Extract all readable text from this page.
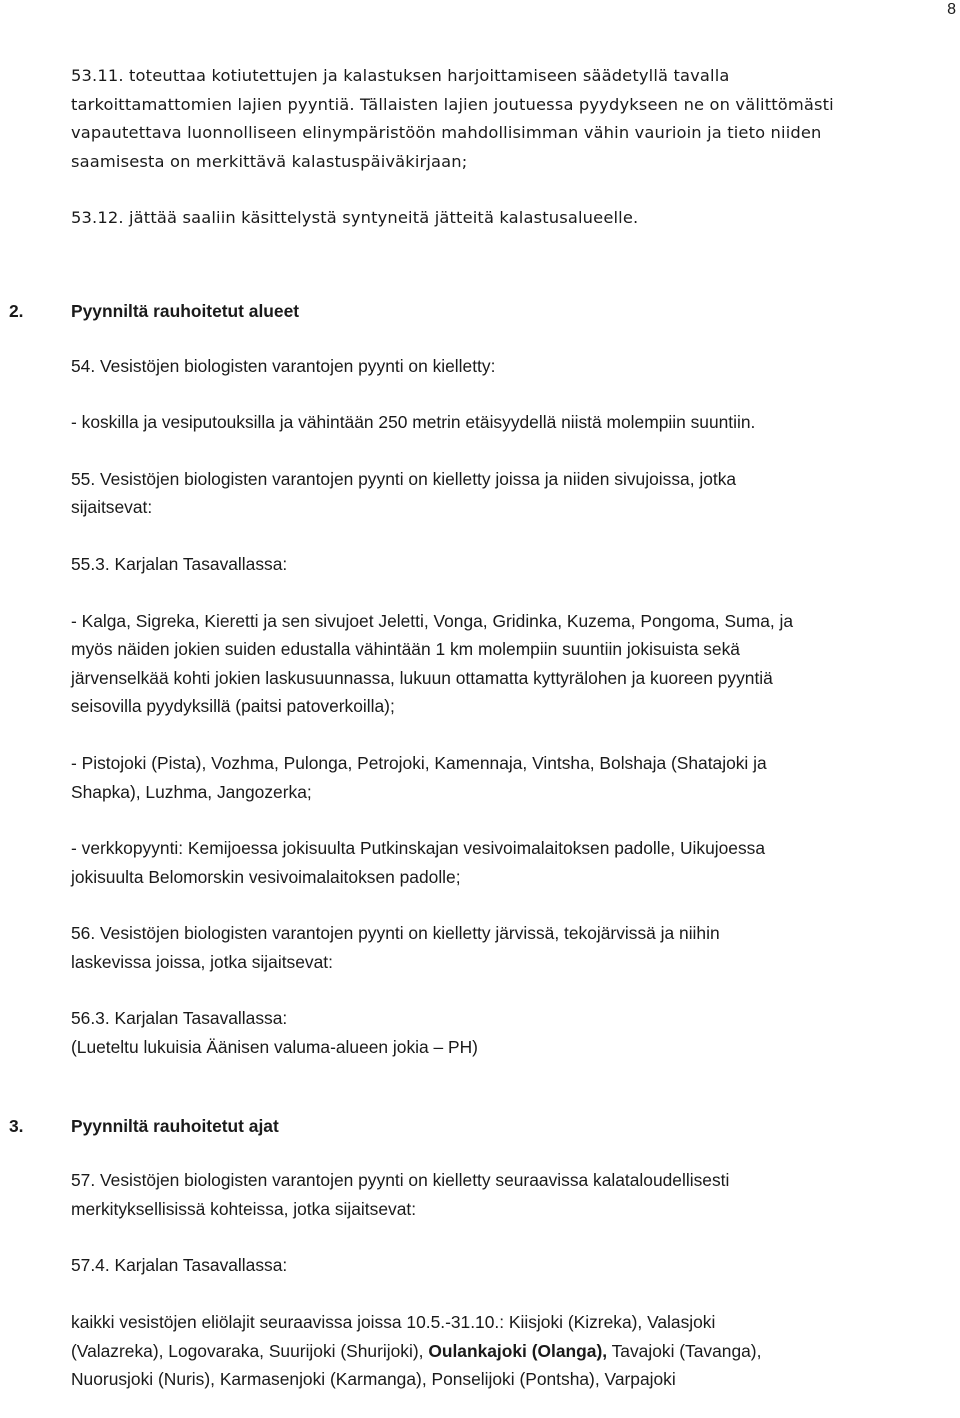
8

53.11. toteuttaa kotiutettujen ja kalastuksen harjoittamiseen säädetyllä tavalla

tarkoittamattomien lajien pyyntiä. Tällaisten lajien joutuessa pyydykseen ne on välittömästi

vapautettava luonnolliseen elinympäristöön mahdollisimman vähin vaurioin ja tieto niiden

saamisesta on merkittävä kalastuspäiväkirjaan;

53.12. jättää saaliin käsittelystä syntyneitä jätteitä kalastusalueelle.

2.	Pyynniltä rauhoitetut alueet

54. Vesistöjen biologisten varantojen pyynti on kielletty:

- koskilla ja vesiputouksilla ja vähintään 250 metrin etäisyydellä niistä molempiin suuntiin.

55. Vesistöjen biologisten varantojen pyynti on kielletty joissa ja niiden sivujoissa, jotka

sijaitsevat:

55.3. Karjalan Tasavallassa:

- Kalga, Sigreka, Kieretti ja sen sivujoet Jeletti, Vonga, Gridinka, Kuzema, Pongoma, Suma, ja

myös näiden jokien suiden edustalla vähintään 1 km molempiin suuntiin jokisuista sekä

järvenselkää kohti jokien laskusuunnassa, lukuun ottamatta kyttyrälohen ja kuoreen pyyntiä

seisovilla pyydyksillä (paitsi patoverkoilla);

- Pistojoki (Pista), Vozhma, Pulonga, Petrojoki, Kamennaja, Vintsha, Bolshaja (Shatajoki ja

Shapka), Luzhma, Jangozerka;

- verkkopyynti: Kemijoessa jokisuulta Putkinskajan vesivoimalaitoksen padolle, Uikujoessa

jokisuulta Belomorskin vesivoimalaitoksen padolle;

56. Vesistöjen biologisten varantojen pyynti on kielletty järvissä, tekojärvissä ja niihin

laskevissa joissa, jotka sijaitsevat:

56.3. Karjalan Tasavallassa:

(Lueteltu lukuisia Äänisen valuma-alueen jokia – PH)

3.	Pyynniltä rauhoitetut ajat

57. Vesistöjen biologisten varantojen pyynti on kielletty seuraavissa kalataloudellisesti

merkityksellisissä kohteissa, jotka sijaitsevat:

57.4. Karjalan Tasavallassa:

kaikki vesistöjen eliölajit seuraavissa joissa 10.5.-31.10.: Kiisjoki (Kizreka), Valasjoki

(Valazreka), Logovaraka, Suurijoki (Shurijoki), Oulankajoki (Olanga), Tavajoki (Tavanga),

Nuorusjoki (Nuris), Karmasenjoki (Karmanga), Ponselijoki (Pontsha), Varpajoki
